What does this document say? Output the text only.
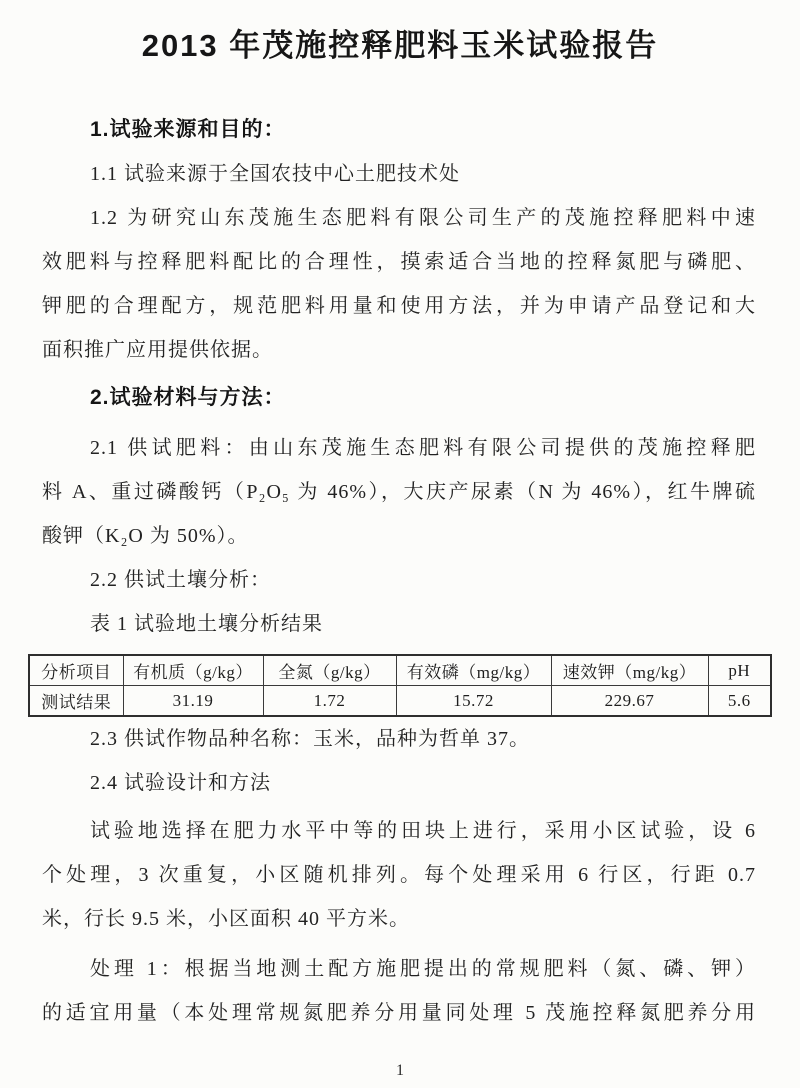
2013 年茂施控释肥料玉米试验报告
1.试验来源和目的：
1.1 试验来源于全国农技中心土肥技术处
1.2 为研究山东茂施生态肥料有限公司生产的茂施控释肥料中速
效肥料与控释肥料配比的合理性，摸索适合当地的控释氮肥与磷肥、
钾肥的合理配方，规范肥料用量和使用方法，并为申请产品登记和大
面积推广应用提供依据。
2.试验材料与方法：
2.1 供试肥料：由山东茂施生态肥料有限公司提供的茂施控释肥
料 A、重过磷酸钙（P₂O₅ 为 46%），大庆产尿素（N 为 46%），红牛牌硫
酸钾（K₂O 为 50%）。
2.2 供试土壤分析：
表 1 试验地土壤分析结果
分析项目	有机质（g/kg）	全氮（g/kg）	有效磷（mg/kg）	速效钾（mg/kg）	pH
测试结果	31.19	1.72	15.72	229.67	5.6
2.3 供试作物品种名称：玉米，品种为哲单 37。
2.4 试验设计和方法
试验地选择在肥力水平中等的田块上进行，采用小区试验，设 6
个处理，3 次重复，小区随机排列。每个处理采用 6 行区，行距 0.7
米，行长 9.5 米，小区面积 40 平方米。
处理 1：根据当地测土配方施肥提出的常规肥料（氮、磷、钾）
的适宜用量（本处理常规氮肥养分用量同处理 5 茂施控释氮肥养分用
1
